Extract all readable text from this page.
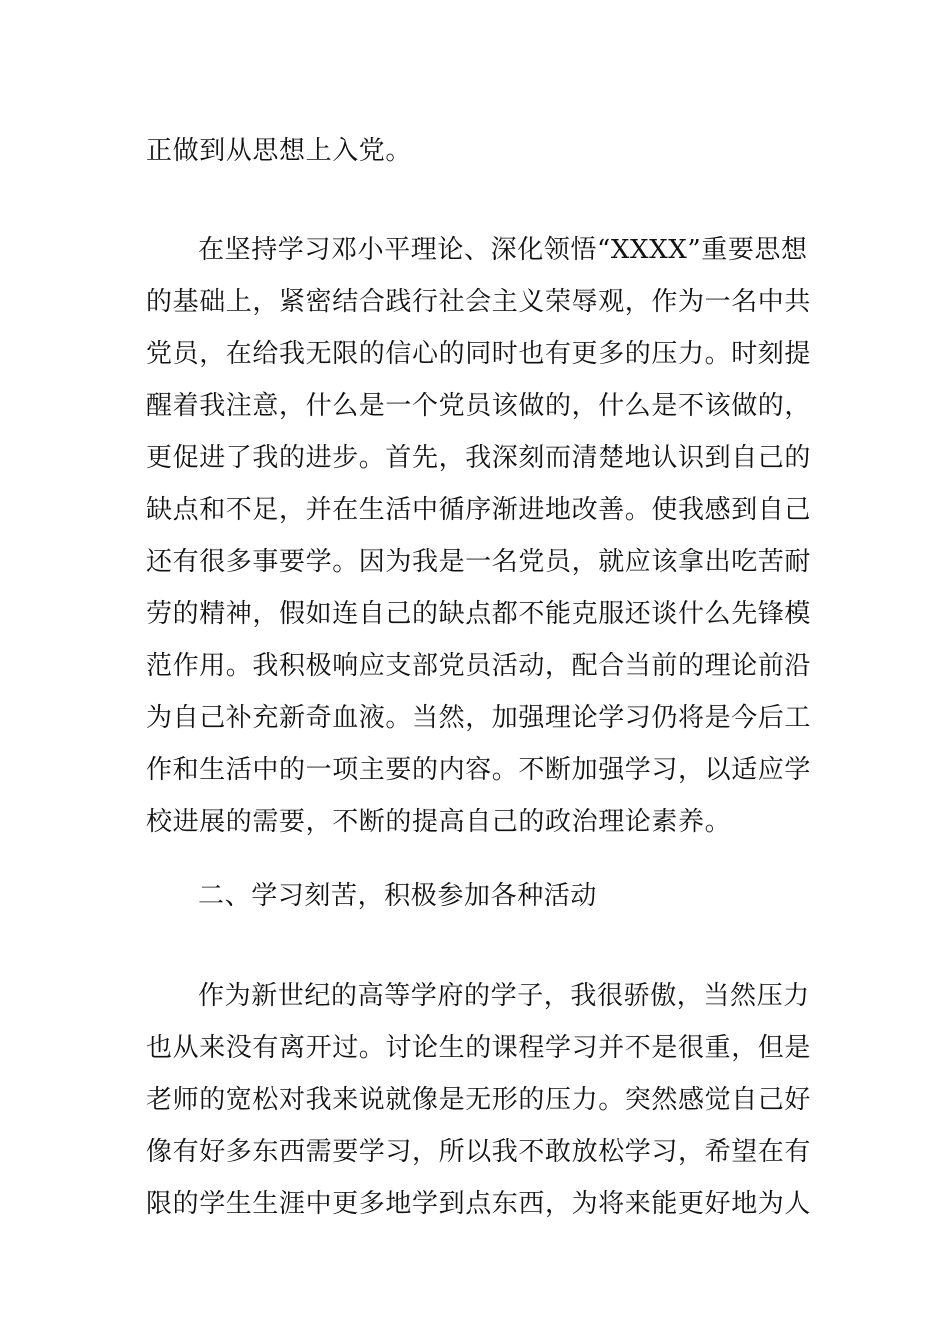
正做到从思想上入党。
在坚持学习邓小平理论、深化领悟“XXXX”重要思想
的基础上，紧密结合践行社会主义荣辱观，作为一名中共
党员，在给我无限的信心的同时也有更多的压力。时刻提
醒着我注意，什么是一个党员该做的，什么是不该做的，
更促进了我的进步。首先，我深刻而清楚地认识到自己的
缺点和不足，并在生活中循序渐进地改善。使我感到自己
还有很多事要学。因为我是一名党员，就应该拿出吃苦耐
劳的精神，假如连自己的缺点都不能克服还谈什么先锋模
范作用。我积极响应支部党员活动，配合当前的理论前沿
为自己补充新奇血液。当然，加强理论学习仍将是今后工
作和生活中的一项主要的内容。不断加强学习，以适应学
校进展的需要，不断的提高自己的政治理论素养。
二、学习刻苦，积极参加各种活动
作为新世纪的高等学府的学子，我很骄傲，当然压力
也从来没有离开过。讨论生的课程学习并不是很重，但是
老师的宽松对我来说就像是无形的压力。突然感觉自己好
像有好多东西需要学习，所以我不敢放松学习，希望在有
限的学生生涯中更多地学到点东西，为将来能更好地为人
